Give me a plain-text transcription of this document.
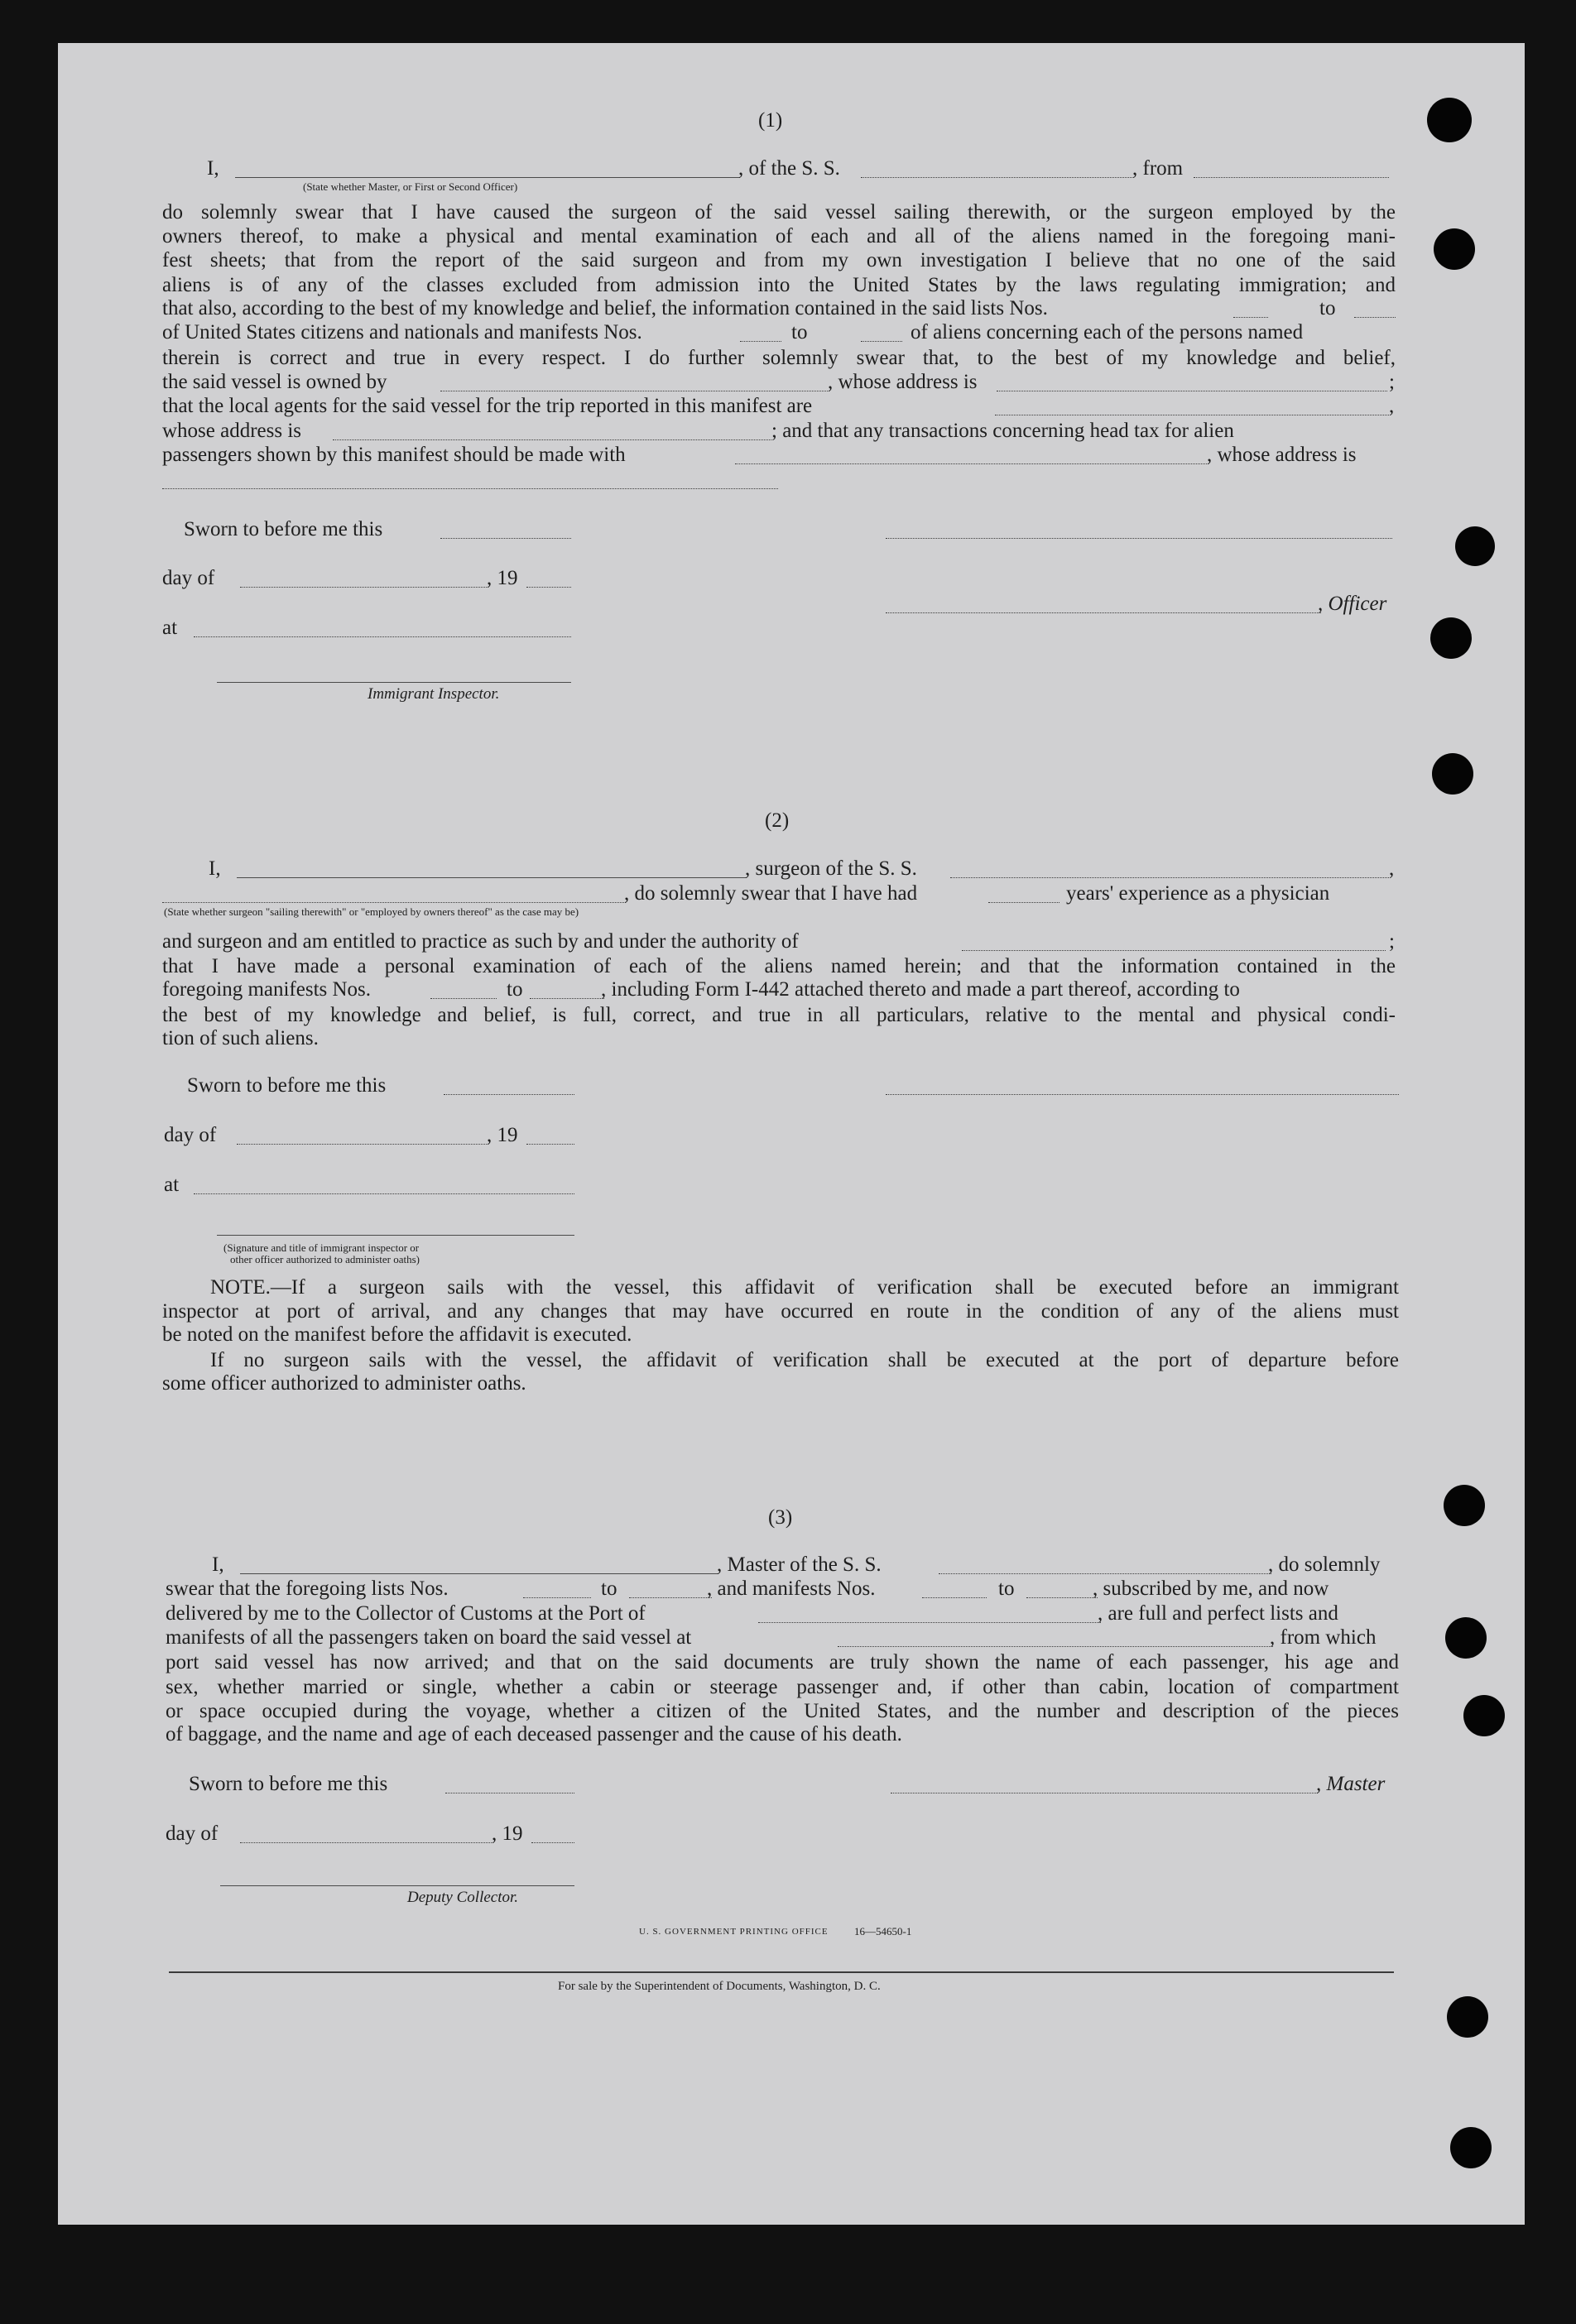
(1)
I,	, of the S. S.	, from
(State whether Master, or First or Second Officer)
do solemnly swear that I have caused the surgeon of the said vessel sailing therewith, or the surgeon employed by the
owners thereof, to make a physical and mental examination of each and all of the aliens named in the foregoing mani-
fest sheets; that from the report of the said surgeon and from my own investigation I believe that no one of the said
aliens is of any of the classes excluded from admission into the United States by the laws regulating immigration; and
that also, according to the best of my knowledge and belief, the information contained in the said lists Nos.	to
of United States citizens and nationals and manifests Nos.	to	of aliens concerning each of the persons named
therein is correct and true in every respect. I do further solemnly swear that, to the best of my knowledge and belief,
the said vessel is owned by	, whose address is	;
that the local agents for the said vessel for the trip reported in this manifest are	,
whose address is	; and that any transactions concerning head tax for alien
passengers shown by this manifest should be made with	, whose address is
Sworn to before me this
day of	, 19
, Officer
at
Immigrant Inspector.
(2)
I,	, surgeon of the S. S.	,
, do solemnly swear that I have had	years' experience as a physician
(State whether surgeon "sailing therewith" or "employed by owners thereof" as the case may be)
and surgeon and am entitled to practice as such by and under the authority of	;
that I have made a personal examination of each of the aliens named herein; and that the information contained in the
foregoing manifests Nos.	to	, including Form I-442 attached thereto and made a part thereof, according to
the best of my knowledge and belief, is full, correct, and true in all particulars, relative to the mental and physical condi-
tion of such aliens.
Sworn to before me this
day of	, 19
at
(Signature and title of immigrant inspector or
other officer authorized to administer oaths)
NOTE.—If a surgeon sails with the vessel, this affidavit of verification shall be executed before an immigrant
inspector at port of arrival, and any changes that may have occurred en route in the condition of any of the aliens must
be noted on the manifest before the affidavit is executed.
If no surgeon sails with the vessel, the affidavit of verification shall be executed at the port of departure before
some officer authorized to administer oaths.
(3)
I,	, Master of the S. S.	, do solemnly
swear that the foregoing lists Nos.	to	, and manifests Nos.	to	, subscribed by me, and now
delivered by me to the Collector of Customs at the Port of	, are full and perfect lists and
manifests of all the passengers taken on board the said vessel at	, from which
port said vessel has now arrived; and that on the said documents are truly shown the name of each passenger, his age and
sex, whether married or single, whether a cabin or steerage passenger and, if other than cabin, location of compartment
or space occupied during the voyage, whether a citizen of the United States, and the number and description of the pieces
of baggage, and the name and age of each deceased passenger and the cause of his death.
Sworn to before me this	, Master
day of	, 19
Deputy Collector.
U. S. GOVERNMENT PRINTING OFFICE 16—54650-1
For sale by the Superintendent of Documents, Washington, D. C.
